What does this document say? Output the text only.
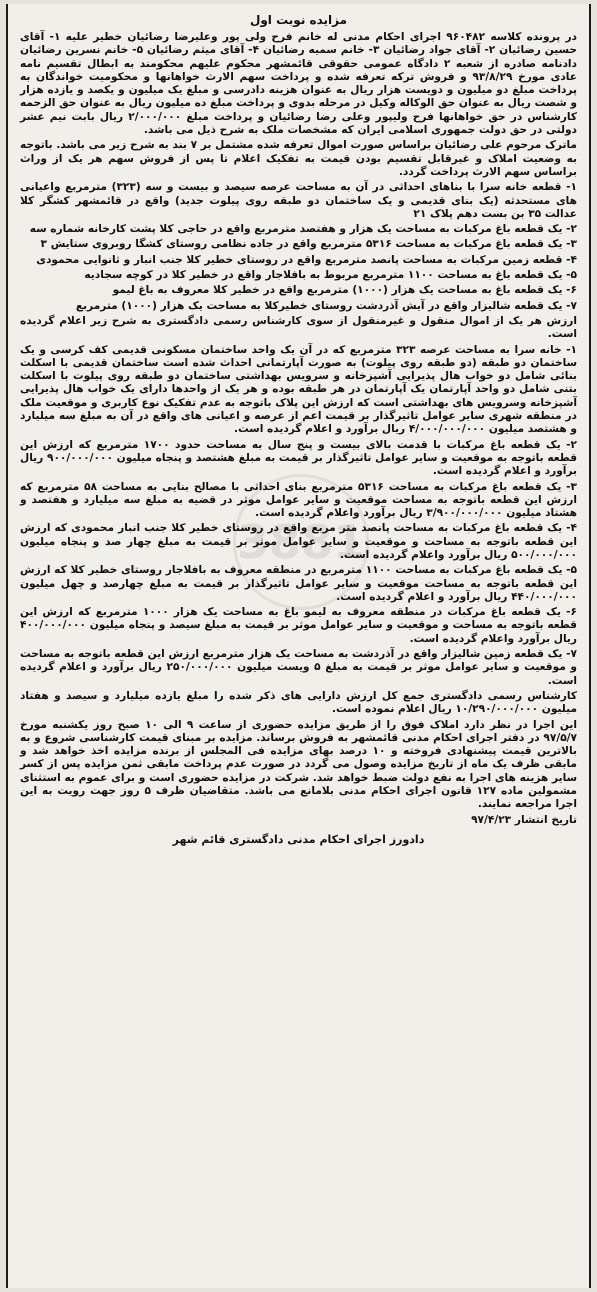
3881
مزایده نوبت اول

در پرونده کلاسه ۹۶۰۴۸۲ اجرای احکام مدنی له خانم فرح ولی پور وعلیرضا رضائیان خطیر علیه ۱- آقای حسین رضائیان ۲- آقای جواد رضائیان ۳- خانم سمیه رضائیان ۴- آقای میثم رضائیان ۵- خانم نسرین رضائیان دادنامه صادره از شعبه ۲ دادگاه عمومی حقوقی قائمشهر محکوم علیهم محکومند به ابطال تقسیم نامه عادی مورخ ۹۳/۸/۲۹ و فروش ترکه تعرفه شده و پرداخت سهم الارث خواهانها و محکومیت خواندگان به پرداخت مبلغ دو میلیون و دویست هزار ریال به عنوان هزینه دادرسی و مبلغ یک میلیون و یکصد و یازده هزار و شصت ریال به عنوان حق الوکاله وکیل در مرحله بدوی و پرداخت مبلغ ده میلیون ریال به عنوان حق الزحمه کارشناس در حق خواهانها فرح ولیپور وعلی رضا رضائیان و پرداخت مبلغ ۲/۰۰۰/۰۰۰ ریال بابت نیم عشر دولتی در حق دولت جمهوری اسلامی ایران که مشخصات ملک به شرح ذیل می باشد.

ماترک مرحوم علی رضائیان براساس صورت اموال تعرفه شده مشتمل بر ۷ بند به شرح زیر می باشد. باتوجه به وضعیت املاک و غیرقابل تقسیم بودن قیمت به تفکیک اعلام تا پس از فروش سهم هر یک از وراث براساس سهم الارث پرداخت گردد.

۱- قطعه خانه سرا با بناهای احداثی در آن به مساحت عرصه سیصد و بیست و سه (۳۲۳) مترمربع واعیانی های مستحدثه (یک بنای قدیمی و یک ساختمان دو طبقه روی پیلوت جدید) واقع در قائمشهر کشگر کلا عدالت ۳۵ بن بست دهم پلاک ۲۱

۲- یک قطعه باغ مرکبات به مساحت یک هزار و هفتصد مترمربع واقع در حاجی کلا پشت کارخانه شماره سه

۳- یک قطعه باغ مرکبات به مساحت ۵۳۱۶ مترمربع واقع در جاده نظامی روستای کشگا روبروی ستایش ۳

۴- قطعه زمین مرکبات به مساحت پانصد مترمربع واقع در روستای خطیر کلا جنب انبار و ثانوایی محمودی

۵- یک قطعه باغ به مساحت ۱۱۰۰ مترمربع مربوط به بافلاجار واقع در خطیر کلا در کوچه سجادیه

۶- یک قطعه باغ به مساحت یک هزار (۱۰۰۰) مترمربع واقع در خطیر کلا معروف به باغ لیمو

۷- یک قطعه شالیزار واقع در آیش آذردشت روستای خطیرکلا به مساحت یک هزار (۱۰۰۰) مترمربع

ارزش هر یک از اموال منقول و غیرمنقول از سوی کارشناس رسمی دادگستری به شرح زیر اعلام گردیده است.

۱- خانه سرا به مساحت عرصه ۳۲۳ مترمربع که در آن یک واحد ساختمان مسکونی قدیمی کف کرسی و یک ساختمان دو طبقه (دو طبقه روی پیلوت) به صورت آپارتمانی احداث شده است ساختمان قدیمی با اسکلت بنائی شامل دو خواب هال پذیرایی آشپزخانه و سرویس بهداشتی ساختمان دو طبقه روی پیلوت با اسکلت بتنی شامل دو واحد آپارتمان یک آپارتمان در هر طبقه بوده و هر یک از واحدها دارای یک خواب هال پذیرایی آشپزخانه وسرویس های بهداشتی است که ارزش این پلاک باتوجه به عدم تفکیک نوع کاربری و موقعیت ملک در منطقه شهری سایر عوامل تاثیرگذار بر قیمت اعم از عرصه و اعیانی های واقع در آن به مبلغ سه میلیارد و هشتصد میلیون ۴/۰۰۰/۰۰۰/۰۰۰ ریال برآورد و اعلام گردیده است.

۲- یک قطعه باغ مرکبات با قدمت بالای بیست و پنج سال به مساحت حدود ۱۷۰۰ مترمربع که ارزش این قطعه باتوجه به موقعیت و سایر عوامل تاثیرگذار بر قیمت به مبلغ هشتصد و پنجاه میلیون ۹۰۰/۰۰۰/۰۰۰ ریال برآورد و اعلام گردیده است.

۳- یک قطعه باغ مرکبات به مساحت ۵۳۱۶ مترمربع بنای احداثی با مصالح بنایی به مساحت ۵۸ مترمربع که ارزش این قطعه باتوجه به مساحت موقعیت و سایر عوامل موثر در قضیه به مبلغ سه میلیارد و هفتصد و هشتاد میلیون ۳/۹۰۰/۰۰۰/۰۰۰ ریال برآورد واعلام گردیده است.

۴- یک قطعه باغ مرکبات به مساحت پانصد متر مربع واقع در روستای خطیر کلا جنب انبار محمودی که ارزش این قطعه باتوجه به مساحت و موقعیت و سایر عوامل موثر بر قیمت به مبلغ چهار صد و پنجاه میلیون ۵۰۰/۰۰۰/۰۰۰ ریال برآورد واعلام گردیده است.

۵- یک قطعه باغ مرکبات به مساحت ۱۱۰۰ مترمربع در منطقه معروف به بافلاجار روستای خطیر کلا که ارزش این قطعه باتوجه به مساحت موقعیت و سایر عوامل تاثیرگذار بر قیمت به مبلغ چهارصد و چهل میلیون ۴۴۰/۰۰۰/۰۰۰ ریال برآورد و اعلام گردیده است.

۶- یک قطعه باغ مرکبات در منطقه معروف به لیمو باغ به مساحت یک هزار ۱۰۰۰ مترمربع که ارزش این قطعه باتوجه به مساحت و موقعیت و سایر عوامل موثر بر قیمت به مبلغ سیصد و پنجاه میلیون ۴۰۰/۰۰۰/۰۰۰ ریال برآورد واعلام گردیده است.

۷- یک قطعه زمین شالیزار واقع در آذردشت به مساحت یک هزار مترمربع ارزش این قطعه باتوجه به مساحت و موقعیت و سایر عوامل موثر بر قیمت به مبلغ ۵ ویست میلیون ۲۵۰/۰۰۰/۰۰۰ ریال برآورد و اعلام گردیده است.

کارشناس رسمی دادگستری جمع کل ارزش دارایی های ذکر شده را مبلغ یازده میلیارد و سیصد و هفتاد میلیون ۱۰/۲۹۰/۰۰۰/۰۰۰ ریال اعلام نموده است.

این اجرا در نظر دارد املاک فوق را از طریق مزایده حضوری از ساعت ۹ الی ۱۰ صبح روز یکشنبه مورخ ۹۷/۵/۷ در دفتر اجرای احکام مدنی قائمشهر به فروش برساند. مزایده بر مبنای قیمت کارشناسی شروع و به بالاترین قیمت پیشنهادی فروخته و ۱۰ درصد بهای مزایده فی المجلس از برنده مزایده اخذ خواهد شد و مابقی ظرف یک ماه از تاریخ مزایده وصول می گردد در صورت عدم پرداخت مابقی ثمن مزایده پس از کسر سایر هزینه های اجرا به نفع دولت ضبط خواهد شد. شرکت در مزایده حضوری است و برای عموم به استثنای مشمولین ماده ۱۲۷ قانون اجرای احکام مدنی بلامانع می باشد. متقاضیان ظرف ۵ روز جهت رویت به این اجرا مراجعه نمایند.

تاریخ انتشار ۹۷/۴/۲۳

دادورز اجرای احکام مدنی دادگستری قائم شهر
